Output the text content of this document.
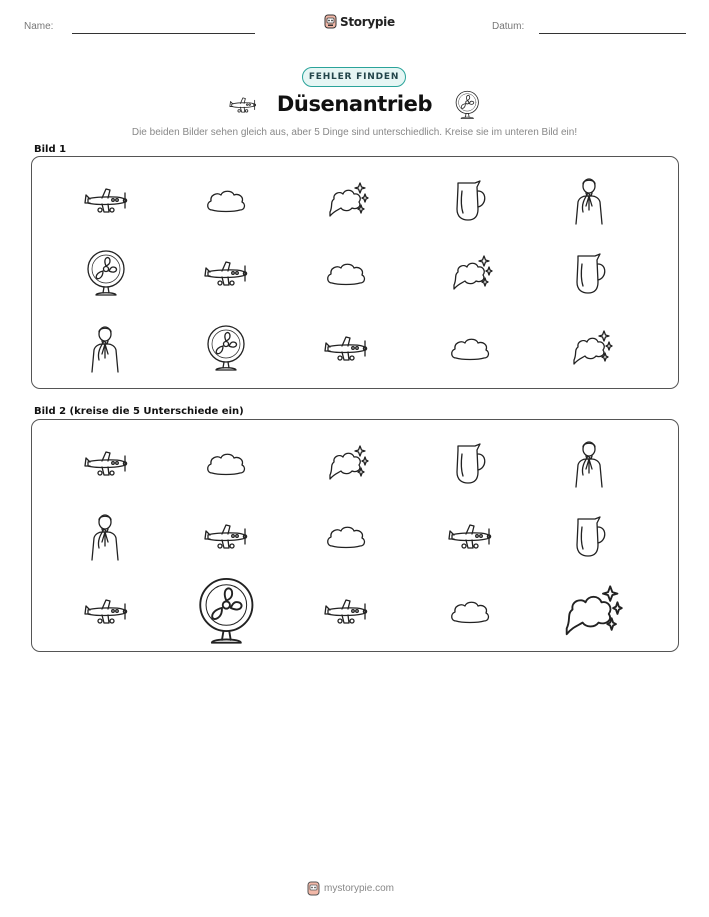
Name:	Storypie	Datum:
FEHLER FINDEN
Düsenantrieb
Die beiden Bilder sehen gleich aus, aber 5 Dinge sind unterschiedlich. Kreise sie im unteren Bild ein!
Bild 1
Bild 2 (kreise die 5 Unterschiede ein)
mystorypie.com
